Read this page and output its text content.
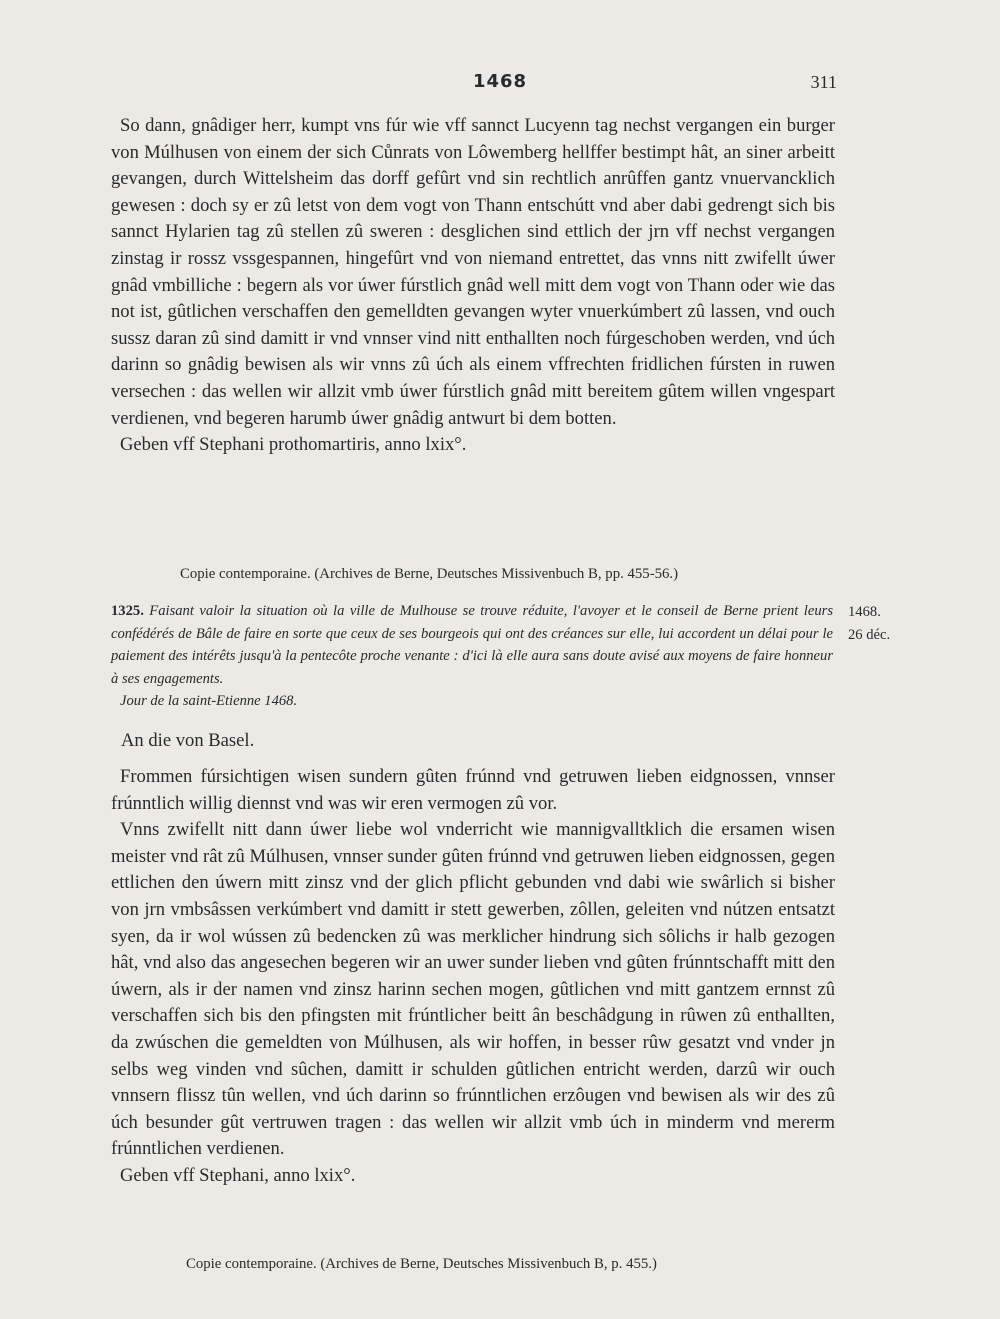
1468	311

So dann, gnâdiger herr, kumpt vns fúr wie vff sannct Lucyenn tag nechst vergangen ein burger von Múlhusen von einem der sich Cůnrats von Lôwemberg hellffer bestimpt hât, an siner arbeitt gevangen, durch Wittelsheim das dorff gefûrt vnd sin rechtlich anrûffen gantz vnuervancklich gewesen : doch sy er zû letst von dem vogt von Thann entschútt vnd aber dabi gedrengt sich bis sannct Hylarien tag zû stellen zû sweren : desglichen sind ettlich der jrn vff nechst vergangen zinstag ir rossz vssgespannen, hingefûrt vnd von niemand entrettet, das vnns nitt zwifellt úwer gnâd vmbilliche : begern als vor úwer fúrstlich gnâd well mitt dem vogt von Thann oder wie das not ist, gûtlichen verschaffen den gemelldten gevangen wyter vnuerkúmbert zû lassen, vnd ouch sussz daran zû sind damitt ir vnd vnnser vind nitt enthallten noch fúrgeschoben werden, vnd úch darinn so gnâdig bewisen als wir vnns zû úch als einem vffrechten fridlichen fúrsten in ruwen versechen : das wellen wir allzit vmb úwer fúrstlich gnâd mitt bereitem gûtem willen vngespart verdienen, vnd begeren harumb úwer gnâdig antwurt bi dem botten.

Geben vff Stephani prothomartiris, anno lxix°.

Copie contemporaine. (Archives de Berne, Deutsches Missivenbuch B, pp. 455-56.)
1325. Faisant valoir la situation où la ville de Mulhouse se trouve réduite, l'avoyer et le conseil de Berne prient leurs confédérés de Bâle de faire en sorte que ceux de ses bourgeois qui ont des créances sur elle, lui accordent un délai pour le paiement des intérêts jusqu'à la pentecôte proche venante : d'ici là elle aura sans doute avisé aux moyens de faire honneur à ses engagements.
Jour de la saint-Etienne 1468.
1468.
26 déc.
An die von Basel.

Frommen fúrsichtigen wisen sundern gûten frúnnd vnd getruwen lieben eidgnossen, vnnser frúnntlich willig diennst vnd was wir eren vermogen zû vor.

Vnns zwifellt nitt dann úwer liebe wol vnderricht wie mannigvalltklich die ersamen wisen meister vnd rât zû Múlhusen, vnnser sunder gûten frúnnd vnd getruwen lieben eidgnossen, gegen ettlichen den úwern mitt zinsz vnd der glich pflicht gebunden vnd dabi wie swârlich si bisher von jrn vmbsâssen verkúmbert vnd damitt ir stett gewerben, zôllen, geleiten vnd nútzen entsatzt syen, da ir wol wússen zû bedencken zû was merklicher hindrung sich sôlichs ir halb gezogen hât, vnd also das angesechen begeren wir an uwer sunder lieben vnd gûten frúnntschafft mitt den úwern, als ir der namen vnd zinsz harinn sechen mogen, gûtlichen vnd mitt gantzem ernnst zû verschaffen sich bis den pfingsten mit frúntlicher beitt ân beschâdgung in rûwen zû enthallten, da zwúschen die gemeldten von Múlhusen, als wir hoffen, in besser rûw gesatzt vnd vnder jn selbs weg vinden vnd sûchen, damitt ir schulden gûtlichen entricht werden, darzû wir ouch vnnsern flissz tûn wellen, vnd úch darinn so frúnntlichen erzôugen vnd bewisen als wir des zû úch besunder gût vertruwen tragen : das wellen wir allzit vmb úch in minderm vnd mererm frúnntlichen verdienen.

Geben vff Stephani, anno lxix°.

Copie contemporaine. (Archives de Berne, Deutsches Missivenbuch B, p. 455.)
